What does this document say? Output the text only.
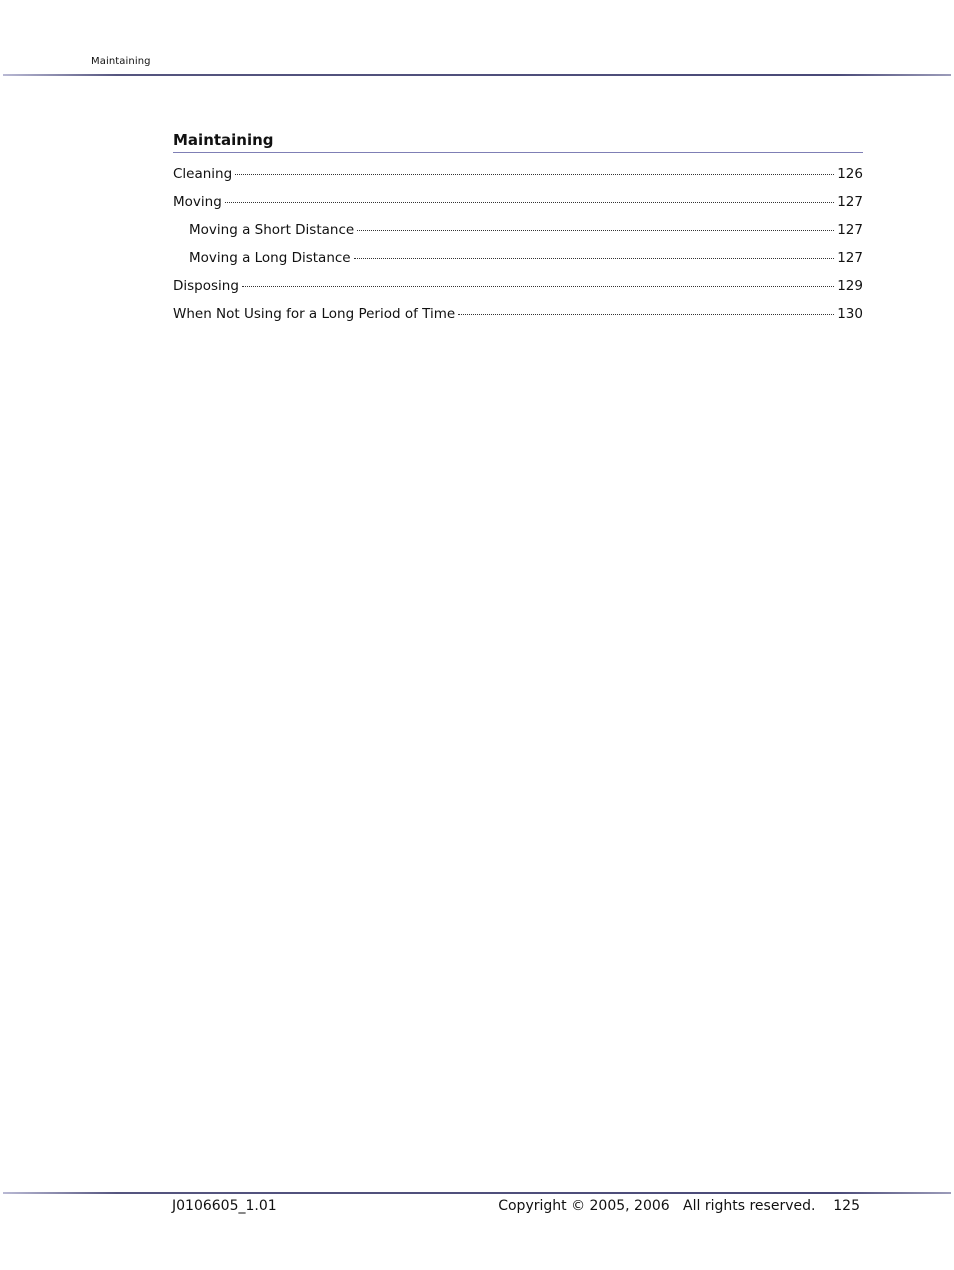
Maintaining
Maintaining
Cleaning	126
Moving	127
Moving a Short Distance	127
Moving a Long Distance	127
Disposing	129
When Not Using for a Long Period of Time	130
J0106605_1.01	Copyright © 2005, 2006   All rights reserved. 125
